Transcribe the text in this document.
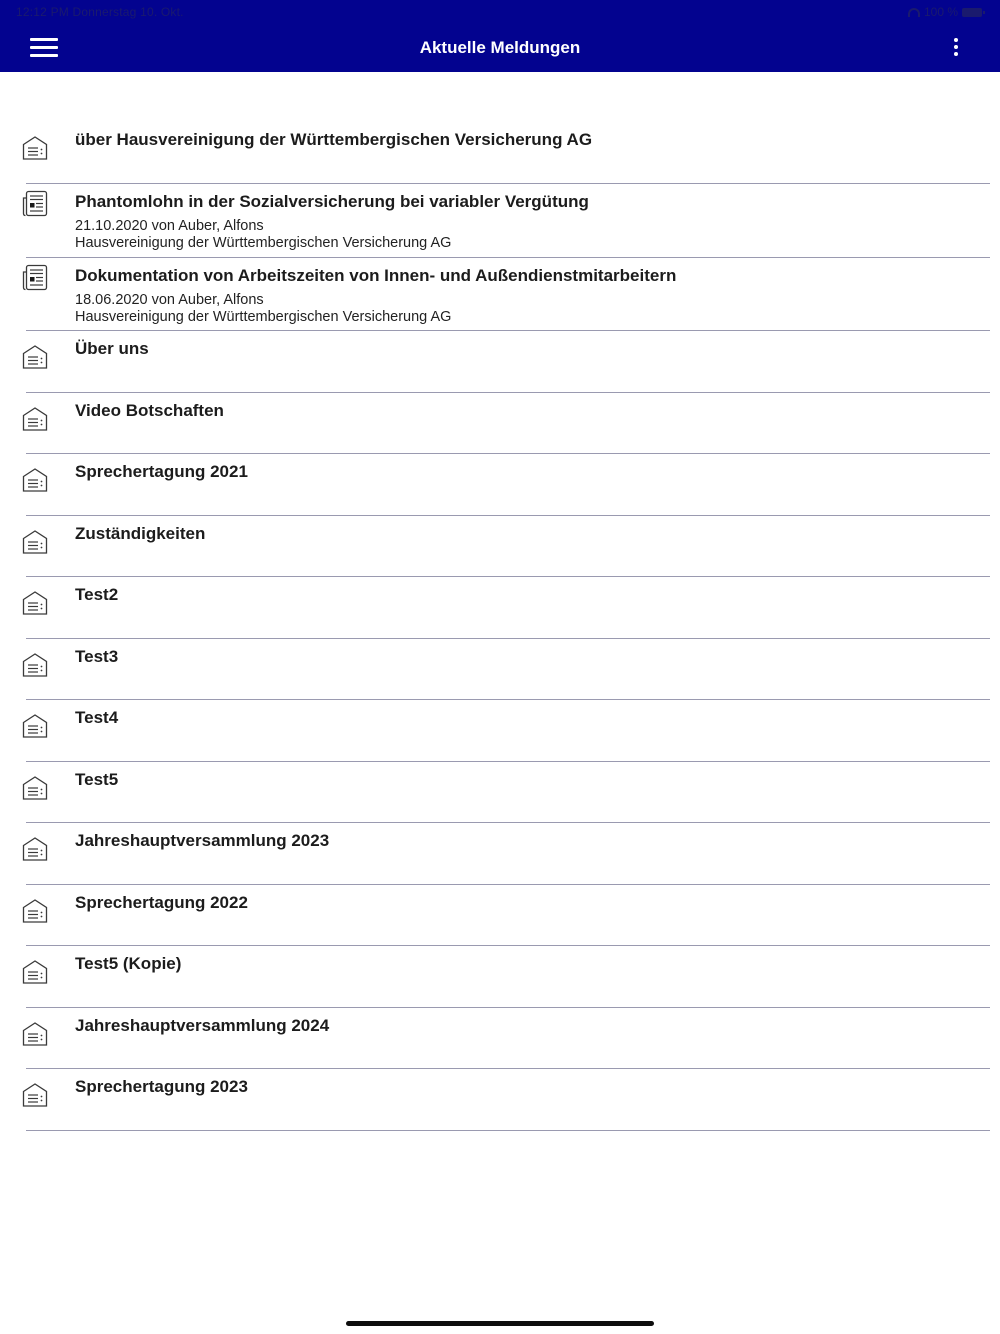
12:12 PM Donnerstag 10. Okt.	100 %
Aktuelle Meldungen
über Hausvereinigung der Württembergischen Versicherung AG
Phantomlohn in der Sozialversicherung bei variabler Vergütung
21.10.2020 von Auber, Alfons
Hausvereinigung der Württembergischen Versicherung AG
Dokumentation von Arbeitszeiten von Innen- und Außendienstmitarbeitern
18.06.2020 von Auber, Alfons
Hausvereinigung der Württembergischen Versicherung AG
Über uns
Video Botschaften
Sprechertagung 2021
Zuständigkeiten
Test2
Test3
Test4
Test5
Jahreshauptversammlung 2023
Sprechertagung 2022
Test5 (Kopie)
Jahreshauptversammlung 2024
Sprechertagung 2023
